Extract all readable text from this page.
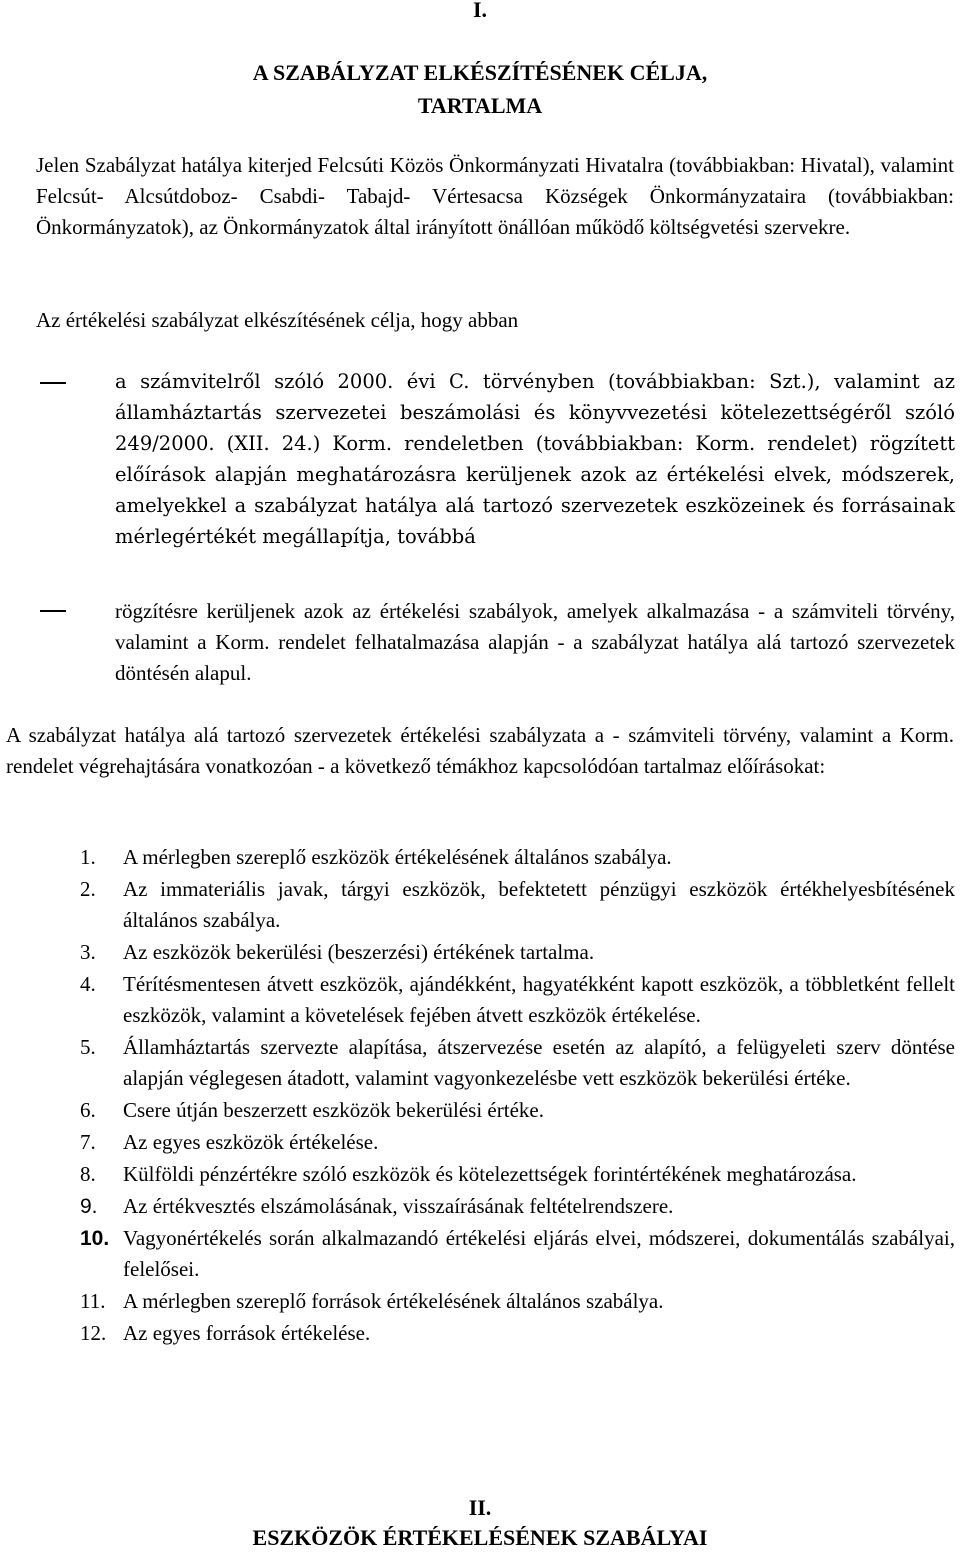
I.
A SZABÁLYZAT ELKÉSZÍTÉSÉNEK CÉLJA,
TARTALMA

Jelen Szabályzat hatálya kiterjed Felcsúti Közös Önkormányzati Hivatalra (továbbiakban: Hivatal), valamint Felcsút- Alcsútdoboz- Csabdi- Tabajd- Vértesacsa Községek Önkormányzataira (továbbiakban: Önkormányzatok), az Önkormányzatok által irányított önállóan működő költségvetési szervekre.

Az értékelési szabályzat elkészítésének célja, hogy abban

a számvitelről szóló 2000. évi C. törvényben (továbbiakban: Szt.), valamint az államháztartás szervezetei beszámolási és könyvvezetési kötelezettségéről szóló 249/2000. (XII. 24.) Korm. rendeletben (továbbiakban: Korm. rendelet) rögzített előírások alapján meghatározásra kerüljenek azok az értékelési elvek, módszerek, amelyekkel a szabályzat hatálya alá tartozó szervezetek eszközeinek és forrásainak mérlegértékét megállapítja, továbbá

rögzítésre kerüljenek azok az értékelési szabályok, amelyek alkalmazása - a számviteli törvény, valamint a Korm. rendelet felhatalmazása alapján - a szabályzat hatálya alá tartozó szervezetek döntésén alapul.

A szabályzat hatálya alá tartozó szervezetek értékelési szabályzata a - számviteli törvény, valamint a Korm. rendelet végrehajtására vonatkozóan - a következő témákhoz kapcsolódóan tartalmaz előírásokat:

1.	A mérlegben szereplő eszközök értékelésének általános szabálya.
2.	Az immateriális javak, tárgyi eszközök, befektetett pénzügyi eszközök értékhelyesbítésének általános szabálya.
3.	Az eszközök bekerülési (beszerzési) értékének tartalma.
4.	Térítésmentesen átvett eszközök, ajándékként, hagyatékként kapott eszközök, a többletként fellelt eszközök, valamint a követelések fejében átvett eszközök értékelése.
5.	Államháztartás szervezte alapítása, átszervezése esetén az alapító, a felügyeleti szerv döntése alapján véglegesen átadott, valamint vagyonkezelésbe vett eszközök bekerülési értéke.
6.	Csere útján beszerzett eszközök bekerülési értéke.
7.	Az egyes eszközök értékelése.
8.	Külföldi pénzértékre szóló eszközök és kötelezettségek forintértékének meghatározása.
9.	Az értékvesztés elszámolásának, visszaírásának feltételrendszere.
10. Vagyonértékelés során alkalmazandó értékelési eljárás elvei, módszerei, dokumentálás szabályai, felelősei.
11. A mérlegben szereplő források értékelésének általános szabálya.
12. Az egyes források értékelése.
II.
ESZKÖZÖK ÉRTÉKELÉSÉNEK SZABÁLYAI
